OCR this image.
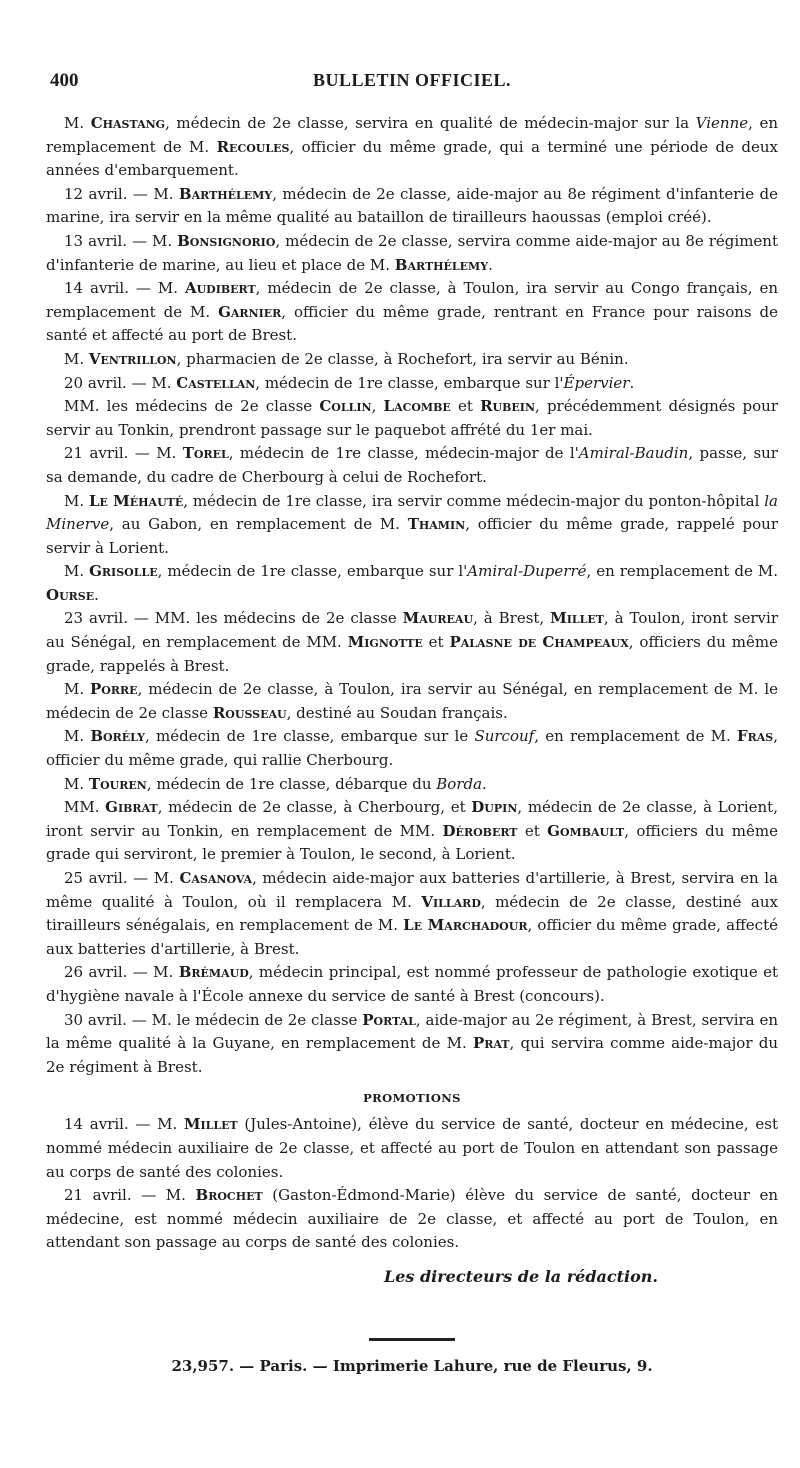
400	BULLETIN OFFICIEL.

M. Chastang, médecin de 2e classe, servira en qualité de médecin-major sur la Vienne, en remplacement de M. Recoules, officier du même grade, qui a terminé une période de deux années d'embarquement.

12 avril. — M. Barthélemy, médecin de 2e classe, aide-major au 8e régiment d'infanterie de marine, ira servir en la même qualité au bataillon de tirailleurs haoussas (emploi créé).

13 avril. — M. Bonsignorio, médecin de 2e classe, servira comme aide-major au 8e régiment d'infanterie de marine, au lieu et place de M. Barthélemy.

14 avril. — M. Audibert, médecin de 2e classe, à Toulon, ira servir au Congo français, en remplacement de M. Garnier, officier du même grade, rentrant en France pour raisons de santé et affecté au port de Brest.

M. Ventrillon, pharmacien de 2e classe, à Rochefort, ira servir au Bénin.

20 avril. — M. Castellan, médecin de 1re classe, embarque sur l'Épervier.

MM. les médecins de 2e classe Collin, Lacombe et Rubein, précédemment désignés pour servir au Tonkin, prendront passage sur le paquebot affrété du 1er mai.

21 avril. — M. Torel, médecin de 1re classe, médecin-major de l'Amiral-Baudin, passe, sur sa demande, du cadre de Cherbourg à celui de Rochefort.

M. Le Méhauté, médecin de 1re classe, ira servir comme médecin-major du ponton-hôpital la Minerve, au Gabon, en remplacement de M. Thamin, officier du même grade, rappelé pour servir à Lorient.

M. Grisolle, médecin de 1re classe, embarque sur l'Amiral-Duperré, en remplacement de M. Ourse.

23 avril. — MM. les médecins de 2e classe Maureau, à Brest, Millet, à Toulon, iront servir au Sénégal, en remplacement de MM. Mignotte et Palasne de Champeaux, officiers du même grade, rappelés à Brest.

M. Porre, médecin de 2e classe, à Toulon, ira servir au Sénégal, en remplacement de M. le médecin de 2e classe Rousseau, destiné au Soudan français.

M. Borély, médecin de 1re classe, embarque sur le Surcouf, en remplacement de M. Fras, officier du même grade, qui rallie Cherbourg.

M. Touren, médecin de 1re classe, débarque du Borda.

MM. Gibrat, médecin de 2e classe, à Cherbourg, et Dupin, médecin de 2e classe, à Lorient, iront servir au Tonkin, en remplacement de MM. Dérobert et Gombault, officiers du même grade qui serviront, le premier à Toulon, le second, à Lorient.

25 avril. — M. Casanova, médecin aide-major aux batteries d'artillerie, à Brest, servira en la même qualité à Toulon, où il remplacera M. Villard, médecin de 2e classe, destiné aux tirailleurs sénégalais, en remplacement de M. Le Marchadour, officier du même grade, affecté aux batteries d'artillerie, à Brest.

26 avril. — M. Brémaud, médecin principal, est nommé professeur de pathologie exotique et d'hygiène navale à l'École annexe du service de santé à Brest (concours).

30 avril. — M. le médecin de 2e classe Portal, aide-major au 2e régiment, à Brest, servira en la même qualité à la Guyane, en remplacement de M. Prat, qui servira comme aide-major du 2e régiment à Brest.

PROMOTIONS

14 avril. — M. Millet (Jules-Antoine), élève du service de santé, docteur en médecine, est nommé médecin auxiliaire de 2e classe, et affecté au port de Toulon en attendant son passage au corps de santé des colonies.

21 avril. — M. Brochet (Gaston-Édmond-Marie) élève du service de santé, docteur en médecine, est nommé médecin auxiliaire de 2e classe, et affecté au port de Toulon, en attendant son passage au corps de santé des colonies.

Les directeurs de la rédaction.
23,957. — Paris. — Imprimerie Lahure, rue de Fleurus, 9.
